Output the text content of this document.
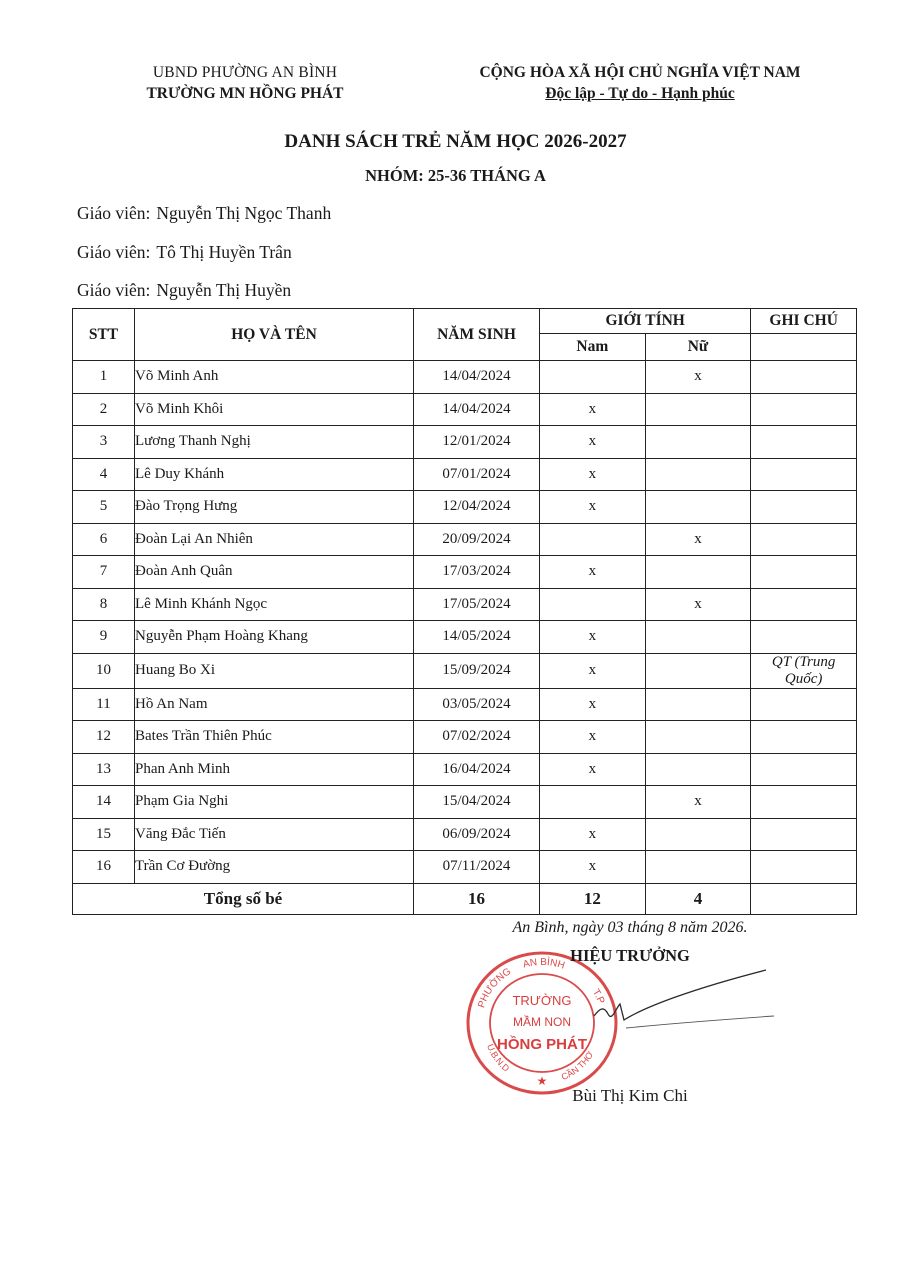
UBND PHƯỜNG AN BÌNH
TRƯỜNG MN HỒNG PHÁT
CỘNG HÒA XÃ HỘI CHỦ NGHĨA VIỆT NAM
Độc lập - Tự do - Hạnh phúc
DANH SÁCH TRẺ NĂM HỌC 2026-2027
NHÓM: 25-36 THÁNG A
Giáo viên: Nguyễn Thị Ngọc Thanh
Giáo viên: Tô Thị Huyền Trân
Giáo viên: Nguyễn Thị Huyền
STT	HỌ VÀ TÊN	NĂM SINH	GIỚI TÍNH		GHI CHÚ
			Nam	Nữ	
1	Võ Minh Anh	14/04/2024		x	
2	Võ Minh Khôi	14/04/2024	x		
3	Lương Thanh Nghị	12/01/2024	x		
4	Lê Duy Khánh	07/01/2024	x		
5	Đào Trọng Hưng	12/04/2024	x		
6	Đoàn Lại An Nhiên	20/09/2024		x	
7	Đoàn Anh Quân	17/03/2024	x		
8	Lê Minh Khánh Ngọc	17/05/2024		x	
9	Nguyễn Phạm Hoàng Khang	14/05/2024	x		
10	Huang Bo Xi	15/09/2024	x		QT (Trung Quốc)
11	Hồ An Nam	03/05/2024	x		
12	Bates Trần Thiên Phúc	07/02/2024	x		
13	Phan Anh Minh	16/04/2024	x		
14	Phạm Gia Nghi	15/04/2024		x	
15	Văng Đắc Tiến	06/09/2024	x		
16	Trần Cơ Đường	07/11/2024	x		
Tổng số bé		16	12	4	
An Bình, ngày 03 tháng 8 năm 2026.
PHƯỜNG
AN BÌNH
T.P
U.B.N.D
CẦN THƠ
TRƯỜNG
MẦM NON
HỒNG PHÁT
★
HIỆU TRƯỞNG
Bùi Thị Kim Chi
